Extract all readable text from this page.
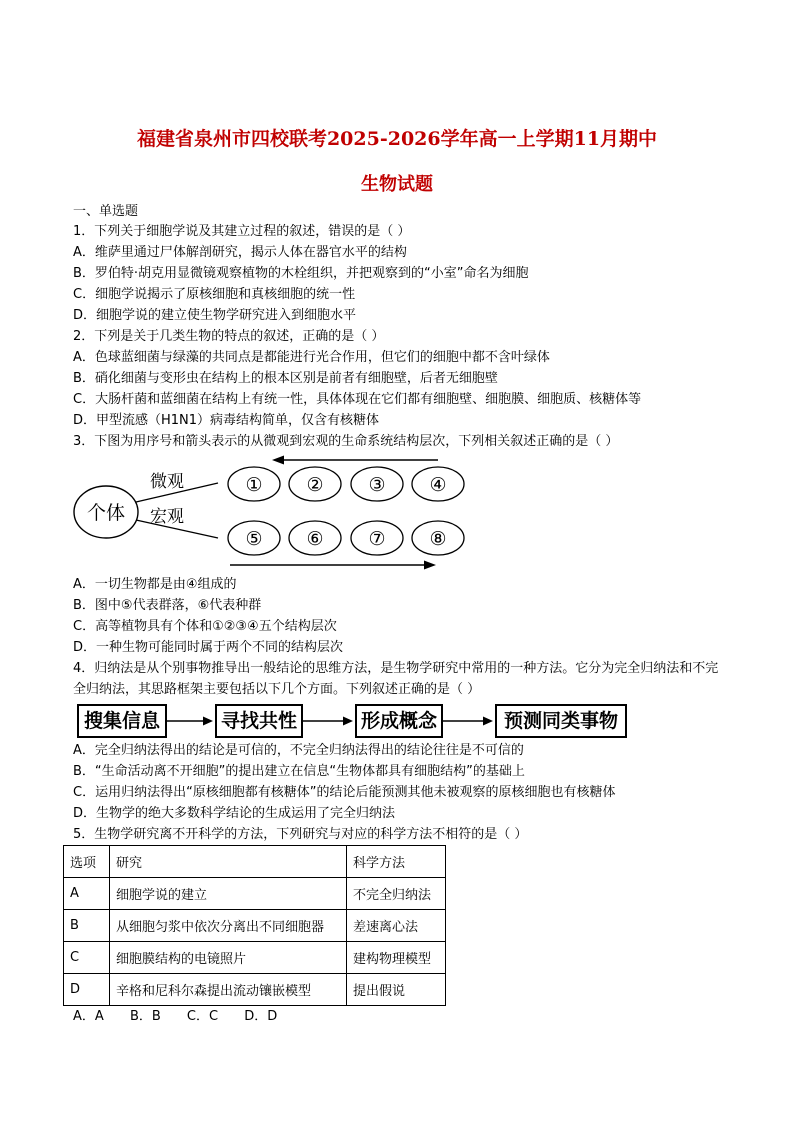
福建省泉州市四校联考2025-2026学年高一上学期11月期中
生物试题
一、单选题
1．下列关于细胞学说及其建立过程的叙述，错误的是（ ）
A．维萨里通过尸体解剖研究，揭示人体在器官水平的结构
B．罗伯特·胡克用显微镜观察植物的木栓组织，并把观察到的“小室”命名为细胞
C．细胞学说揭示了原核细胞和真核细胞的统一性
D．细胞学说的建立使生物学研究进入到细胞水平
2．下列是关于几类生物的特点的叙述，正确的是（ ）
A．色球蓝细菌与绿藻的共同点是都能进行光合作用，但它们的细胞中都不含叶绿体
B．硝化细菌与变形虫在结构上的根本区别是前者有细胞壁，后者无细胞壁
C．大肠杆菌和蓝细菌在结构上有统一性，具体体现在它们都有细胞壁、细胞膜、细胞质、核糖体等
D．甲型流感（H1N1）病毒结构简单，仅含有核糖体
3．下图为用序号和箭头表示的从微观到宏观的生命系统结构层次，下列相关叙述正确的是（ ）
个体
微观
宏观
① ② ③ ④
⑤ ⑥ ⑦ ⑧
A．一切生物都是由④组成的
B．图中⑤代表群落，⑥代表种群
C．高等植物具有个体和①②③④五个结构层次
D．一种生物可能同时属于两个不同的结构层次
4．归纳法是从个别事物推导出一般结论的思维方法，是生物学研究中常用的一种方法。它分为完全归纳法和不完全归纳法，其思路框架主要包括以下几个方面。下列叙述正确的是（ ）
搜集信息	寻找共性	形成概念	预测同类事物
A．完全归纳法得出的结论是可信的，不完全归纳法得出的结论往往是不可信的
B．“生命活动离不开细胞”的提出建立在信息“生物体都具有细胞结构”的基础上
C．运用归纳法得出“原核细胞都有核糖体”的结论后能预测其他未被观察的原核细胞也有核糖体
D．生物学的绝大多数科学结论的生成运用了完全归纳法
5．生物学研究离不开科学的方法，下列研究与对应的科学方法不相符的是（ ）
选项	研究	科学方法
A	细胞学说的建立	不完全归纳法
B	从细胞匀浆中依次分离出不同细胞器	差速离心法
C	细胞膜结构的电镜照片	建构物理模型
D	辛格和尼科尔森提出流动镶嵌模型	提出假说
A．A B．B C．C D．D
